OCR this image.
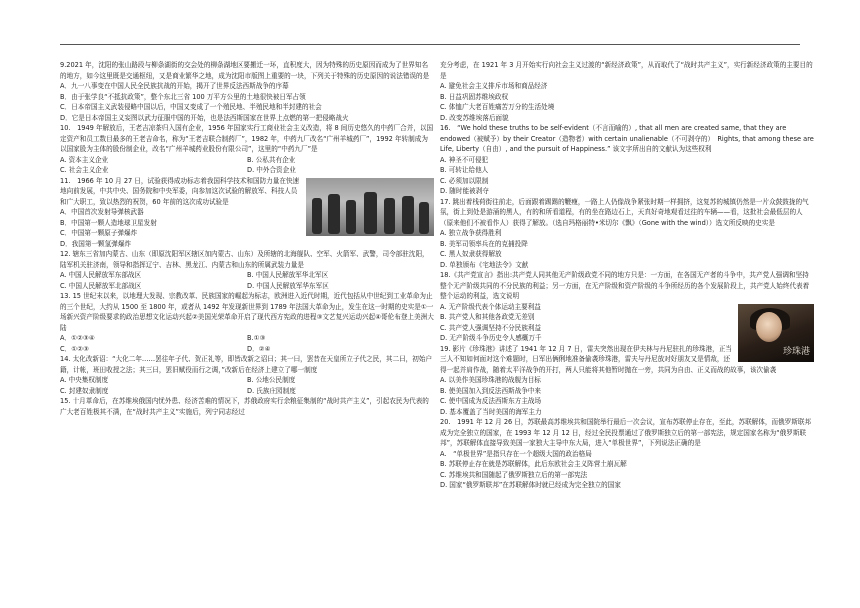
9.2021 年，沈阳的张山路段与柳条湖街的交会处的柳条湖地区要搬迁一环，直积度大，因为特殊的历史原因而成为了世界知名的地方，如今这里既是交通枢纽，又是商业繁华之地，成为沈阳市版图上重要的一块，下列关于特殊的历史原因的说法错误的是

A．九一八事变在中国人民全民族抗战的开始，揭开了世界反法西斯战争的序幕

B．由于张学良“不抵抗政策”，整个东北三省 100 万平方公里的土地很快被日军占领

C．日本帝国主义武装侵略中国以后，中国又变成了一个殖民地、半殖民地和半封建的社会

D．它是日本帝国主义妄图以武力征服中国的开始，也是法西斯国家在世界上点燃的第一把侵略战火

10.　1949 年解放后，王老吉凉茶归入国有企业，1956 年国家实行工商业社会主义改造，将 8 间历史悠久的中药厂合并，以国定资产和员工数目最多的王老吉命名，称为“王老吉联合制药厂”，1982 年，中药九厂改名“广州羊城药厂”，1992 年转制成为以国家股为主体的股份制企业，改名“广州羊城药业股份有限公司”，这里的“中药九厂”是

A. 资本主义企业	B. 公私共有企业
C. 社会主义企业	D. 中外合资企业

11.　1966 年 10 月 27 日，试验获得成功标志着我国科学技术和国防力量在快速地向前发展，中共中央、国务院和中央军委，向参加这次试验的解放军、科技人员和广大职工，致以热烈的祝贺，60 年前的这次成功试验是

A．中国首次发射导弹核武器

B．中国第一颗人造地球卫星发射

C．中国第一颗原子弹爆炸

D．我国第一颗氢弹爆炸

12. 辖东三省加内蒙古、山东（即原沈阳军区辖区加内蒙古、山东）及所辖的北海舰队、空军、火箭军、武警，司令部驻沈阳，陆军机关驻济南，领导和指挥辽宁、吉林、黑龙江、内蒙古和山东的所属武装力量是

A. 中国人民解放军东部战区	B. 中国人民解放军华北军区
C. 中国人民解放军北部战区	D. 中国人民解放军华东军区

13. 15 世纪末以来，以地理大发现、宗教改革、民族国家的崛起为标志，欧洲进入近代时期，近代包括从中世纪到工业革命为止的三个世纪，大约从 1500 至 1800 年，或者从 1492 年发现新世界到 1789 年法国大革命为止，发生在这一时期的史实是①一场新兴资产阶级要求的政治思想文化运动兴起②美国光荣革命开启了现代西方宪政的进程③文艺复兴运动兴起④哥伦布登上美洲大陆

A．①②③④	B.①③
C．①②③	D．②④

14. 太化改新诏：“大化二年……罢往年子代、贺正礼等，即皆改新之诏曰；其一曰，罢昔在天皇所立子代之民，其二曰，初始户籍，计帐，班田收授之法；其三曰，罢旧赋役而行之调，”改新后在经济上建立了哪一制度

A. 中央集权制度	B. 公地公民制度
C. 封建奴隶制度	D. 氏族庄园制度

15. 十月革命后，在苏维埃俄国内忧外患、经济苦难的情况下，苏俄政府实行余粮征集制的“战时共产主义”，引起农民为代表的广大老百姓极其不满，在“战时共产主义”实施后，列宁同志经过

充分考虑，在 1921 年 3 月开始实行向社会主义过渡的“新经济政策”，从而取代了“战时共产主义”，实行新经济政策的主要目的是

A. 避免社会主义排斥市场和商品经济

B. 日益巩固苏维埃政权

C. 体恤广大老百姓痛苦万分的生活处境

D. 改变苏维埃落后面貌

16.　“We hold these truths to be self-evident（不言而喻的）, that all men are created same, that they are endowed（被赋予）by their Creator（造物者）with certain unalienable（不可剥夺的）　Rights, that among these are Life, Liberty（自由）, and the pursuit of Happiness.” 该文字所出自的文献认为这些权利

A. 神圣不可侵犯

B. 可转让给他人

C. 必须加以限制

D. 随时能被剥夺

17. 跳出着栈荷街往前走，后面跟着踢踢的鞭瘦，一路上人仍像战争紧张时期一样拥挤，这复苏的城镇仍然是一片众鼓鼓拢的气氛，街上到处是游涌的黑人，有的和所看道程，有的坐在路边石上，天真好奇地观看过往的车辆——看，这批社会最低层的人（原来他们不被看作人）获得了解放。（选自玛格丽特•米切尔《飘》（Gone with the wind））选文所反映的史实是

A. 独立战争获得胜利

B. 美军司领率兵在的克捕投降

C. 黑人奴隶获得解放

D. 单独颁布《宅地法令》文献

18.《共产党宣言》指出:共产党人同其他无产阶级政党不同的地方只是：一方面，在各国无产者的斗争中，共产党人强调和坚持整个无产阶级共同的不分民族的利益；另一方面，在无产阶级和资产阶级的斗争所经历的各个发展阶段上，共产党人始终代表着整个运动的利益，选文说明

珍珠港

A. 无产阶级代表个体运动主要利益

B. 共产党人和其他各政党无差别

C. 共产党人强调坚持不分民族利益

D. 无产阶级斗争历史令人感概万千

19. 影片《珍珠港》讲述了 1941 年 12 月 7 日，雷夫突然出现在伊夫林与丹尼驻扎的珍珠港，正当三人不知如何面对这个难题时，日军出俩俐地准备偷袭珍珠港，雷夫与丹尼放对好朋友又是情敌，还得一起并肩作战，随着太平洋战争的开打，两人只能将其他暂时抛在一旁，共同为自由、正义而战的故事，该次偷袭

A. 以美作美国珍珠港的战舰为目标

B. 使美国加入到反法西斯战争中来

C. 使中国成为反法西斯东方主战场

D. 基本覆盖了当时美国的海军主力

20.　1991 年 12 月 26 日，苏联最高苏维埃共和国院举行最后一次会议，宣布苏联停止存在，至此，苏联解体，而俄罗斯联邦成为完全独立的国家，在 1993 年 12 月 12 日，经过全民投票通过了俄罗斯独立后的第一部宪法，规定国家名称为“俄罗斯联邦”，苏联解体直接导致美国一家独大主导中东大局，进入“单极世界”，下列说法正确的是

A.　“单极世界”是指只存在一个超级大国的政治格局

B. 苏联停止存在就是苏联解体，此后东欧社会主义阵营土崩瓦解

C. 苏维埃共和国随起了俄罗斯独立后的第一部宪法

D. 国家“俄罗斯联邦”在苏联解体时就已经成为完全独立的国家
